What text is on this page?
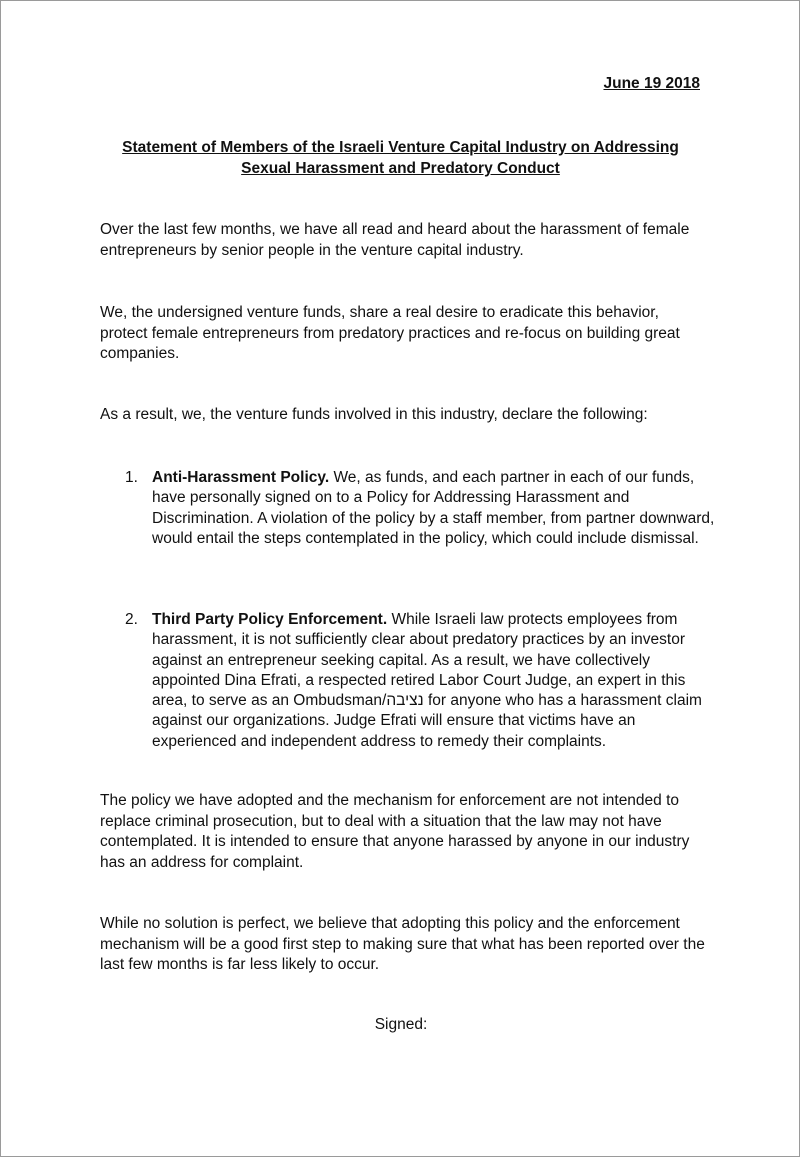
June 19 2018
Statement of Members of the Israeli Venture Capital Industry on Addressing
Sexual Harassment and Predatory Conduct

Over the last few months, we have all read and heard about the harassment of female entrepreneurs by senior people in the venture capital industry.

We, the undersigned venture funds, share a real desire to eradicate this behavior, protect female entrepreneurs from predatory practices and re-focus on building great companies.

As a result, we, the venture funds involved in this industry, declare the following:

1. Anti-Harassment Policy. We, as funds, and each partner in each of our funds, have personally signed on to a Policy for Addressing Harassment and Discrimination. A violation of the policy by a staff member, from partner downward, would entail the steps contemplated in the policy, which could include dismissal.
2. Third Party Policy Enforcement. While Israeli law protects employees from harassment, it is not sufficiently clear about predatory practices by an investor against an entrepreneur seeking capital. As a result, we have collectively appointed Dina Efrati, a respected retired Labor Court Judge, an expert in this area, to serve as an Ombudsman/נציבה for anyone who has a harassment claim against our organizations. Judge Efrati will ensure that victims have an experienced and independent address to remedy their complaints.

The policy we have adopted and the mechanism for enforcement are not intended to replace criminal prosecution, but to deal with a situation that the law may not have contemplated. It is intended to ensure that anyone harassed by anyone in our industry has an address for complaint.

While no solution is perfect, we believe that adopting this policy and the enforcement mechanism will be a good first step to making sure that what has been reported over the last few months is far less likely to occur.

Signed:
